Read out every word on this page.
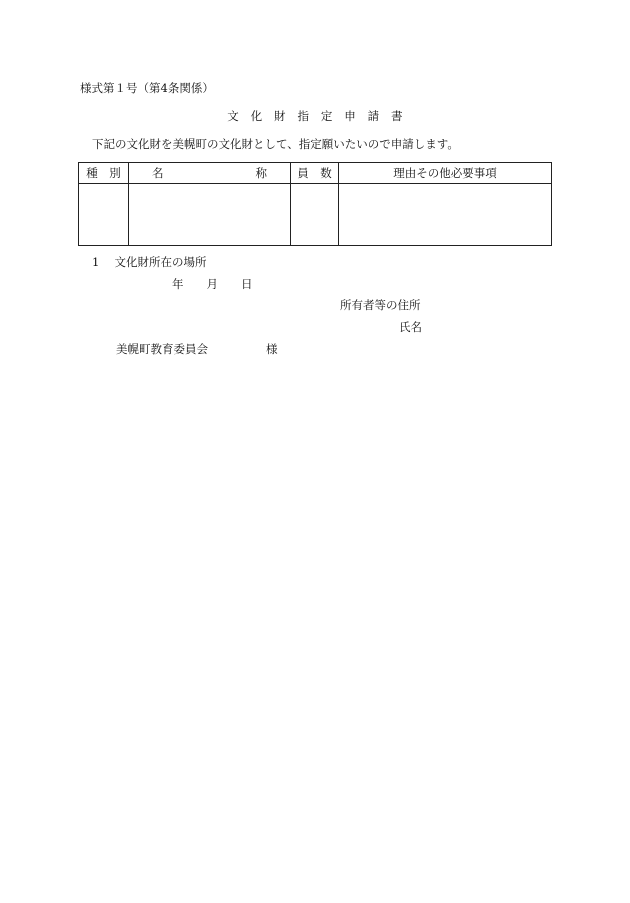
様式第１号（第4条関係）
文　化　財　指　定　申　請　書
下記の文化財を美幌町の文化財として、指定願いたいので申請します。
種　別	名　　　　　　　　称	員　数	理由その他必要事項

1　 文化財所在の場所
年　　月　　日
所有者等の住所
氏名
美幌町教育委員会	様
